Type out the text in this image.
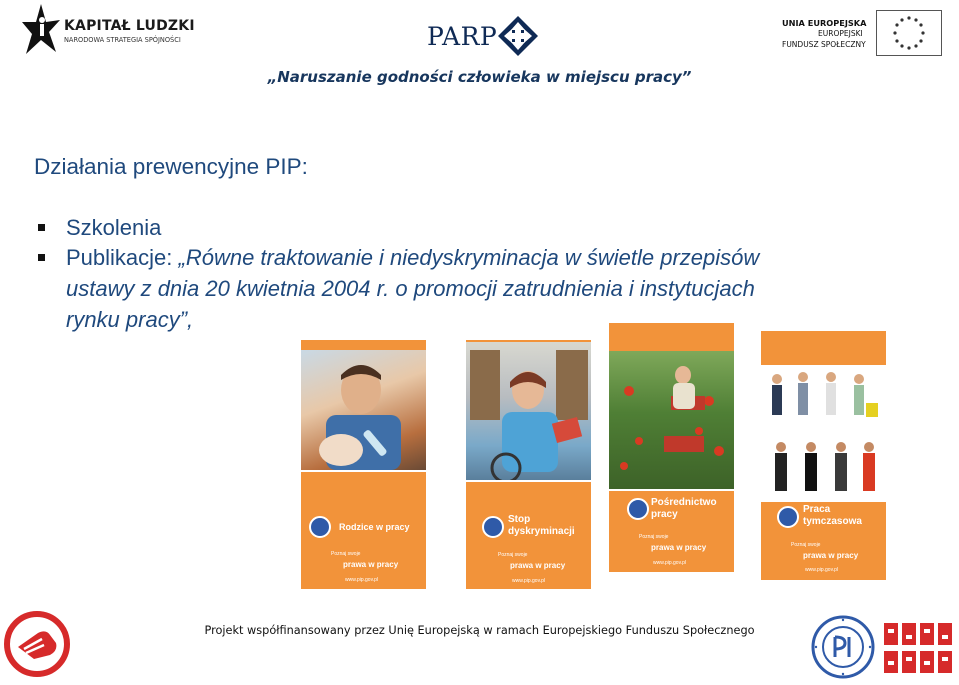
KAPITAŁ LUDZKI
NARODOWA STRATEGIA SPÓJNOŚCI	PARP	UNIA EUROPEJSKA
EUROPEJSKI
FUNDUSZ SPOŁECZNY
„Naruszanie godności człowieka w miejscu pracy”
Działania prewencyjne PIP:
Szkolenia
Publikacje: „Równe traktowanie i niedyskryminacja w świetle przepisów
ustawy z dnia 20 kwietnia 2004 r. o promocji zatrudnienia i instytucjach
rynku pracy”,
Rodzice w pracy
Poznaj swoje
prawa w pracy
www.pip.gov.pl
Stop
dyskryminacji
Poznaj swoje
prawa w pracy
www.pip.gov.pl
Pośrednictwo
pracy
Poznaj swoje
prawa w pracy
www.pip.gov.pl
Praca
tymczasowa
Poznaj swoje
prawa w pracy
www.pip.gov.pl
Projekt współfinansowany przez Unię Europejską w ramach Europejskiego Funduszu Społecznego
